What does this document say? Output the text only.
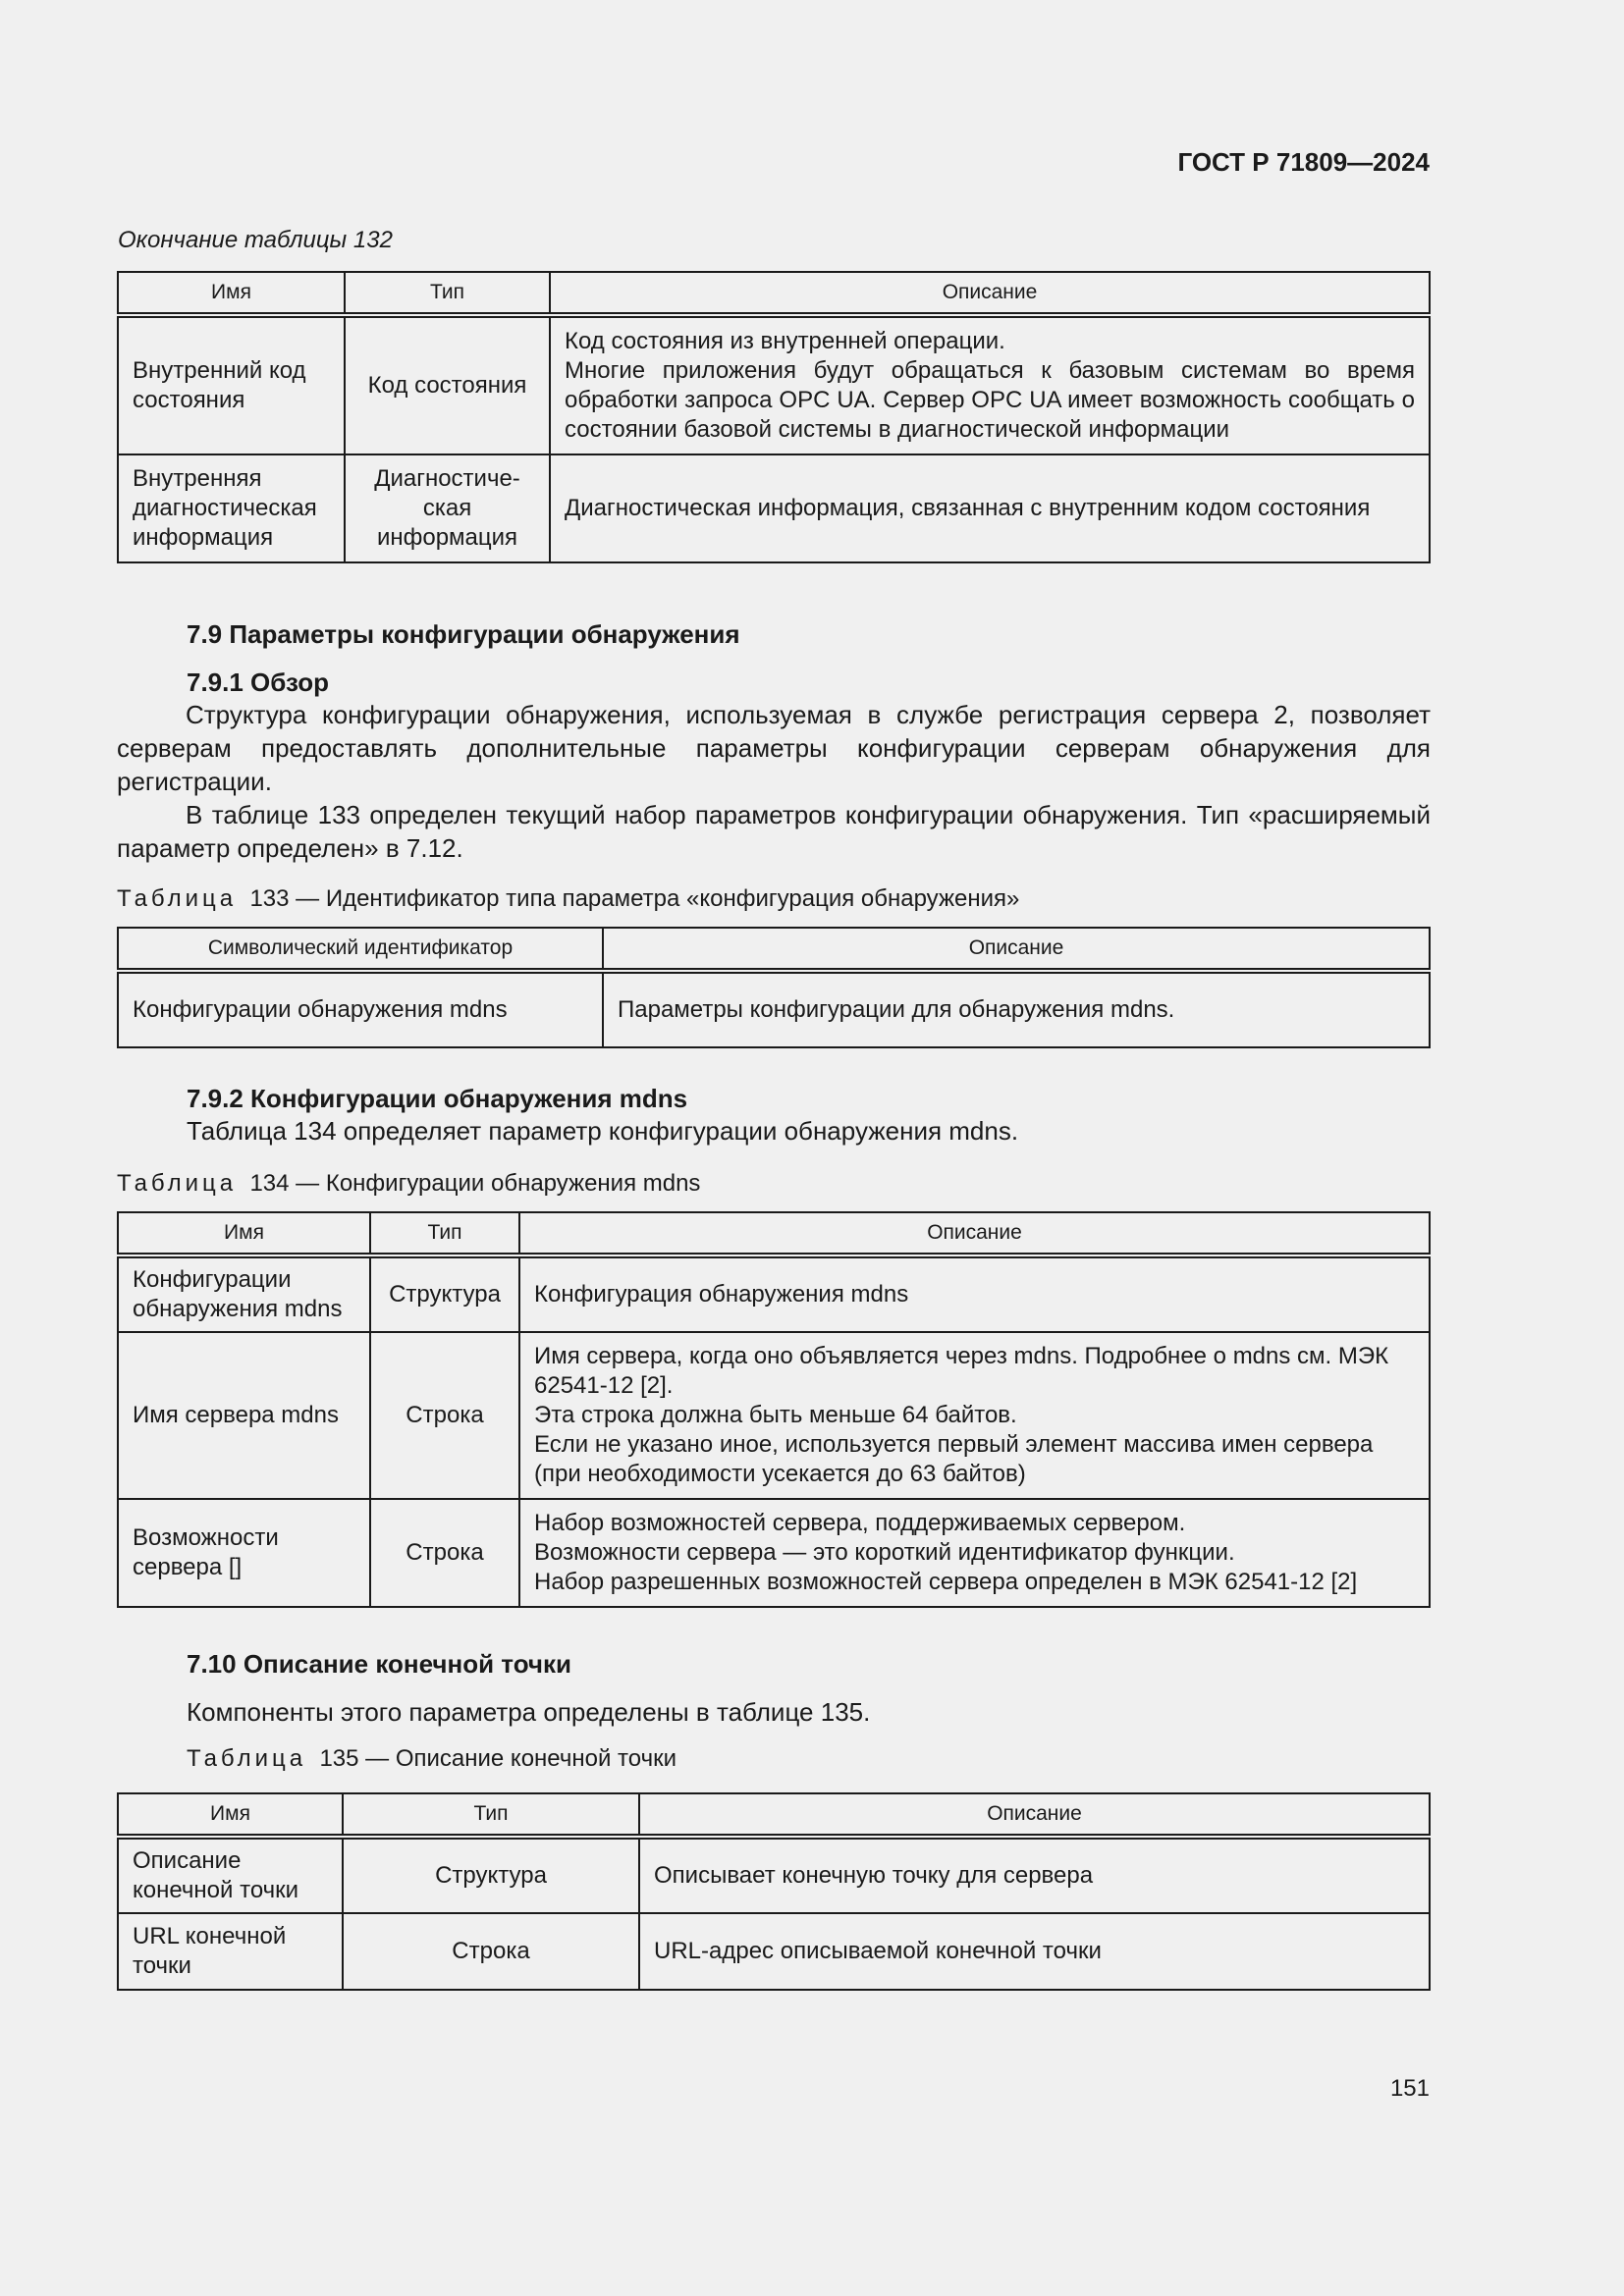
ГОСТ Р 71809—2024
Окончание таблицы 132
Имя	Тип	Описание
Внутренний код состояния	Код состояния	Код состояния из внутренней операции.
Многие приложения будут обращаться к базовым системам во время обработки запроса OPC UA. Сервер OPC UA имеет возможность сообщать о состоянии базовой системы в диагностической информации

Внутренняя диагностическая информация	Диагностиче-ская информация	Диагностическая информация, связанная с внутренним кодом состояния
7.9 Параметры конфигурации обнаружения
7.9.1 Обзор

Структура конфигурации обнаружения, используемая в службе регистрация сервера 2, позволяет серверам предоставлять дополнительные параметры конфигурации серверам обнаружения для регистрации.

В таблице 133 определен текущий набор параметров конфигурации обнаружения. Тип «расширяемый параметр определен» в 7.12.

Таблица 133 — Идентификатор типа параметра «конфигурация обнаружения»
Символический идентификатор	Описание
Конфигурации обнаружения mdns	Параметры конфигурации для обнаружения mdns.
7.9.2 Конфигурации обнаружения mdns
Таблица 134 определяет параметр конфигурации обнаружения mdns.
Таблица 134 — Конфигурации обнаружения mdns
Имя	Тип	Описание
Конфигурации обнаружения mdns	Структура	Конфигурация обнаружения mdns
Имя сервера mdns	Строка	Имя сервера, когда оно объявляется через mdns. Подробнее о mdns см. МЭК 62541-12 [2].
Эта строка должна быть меньше 64 байтов.
Если не указано иное, используется первый элемент массива имен сервера (при необходимости усекается до 63 байтов)

Возможности сервера []	Строка	Набор возможностей сервера, поддерживаемых сервером.
Возможности сервера — это короткий идентификатор функции.
Набор разрешенных возможностей сервера определен в МЭК 62541-12 [2]
7.10 Описание конечной точки
Компоненты этого параметра определены в таблице 135.
Таблица 135 — Описание конечной точки
Имя	Тип	Описание
Описание конечной точки	Структура	Описывает конечную точку для сервера
URL конечной точки	Строка	URL-адрес описываемой конечной точки
151
